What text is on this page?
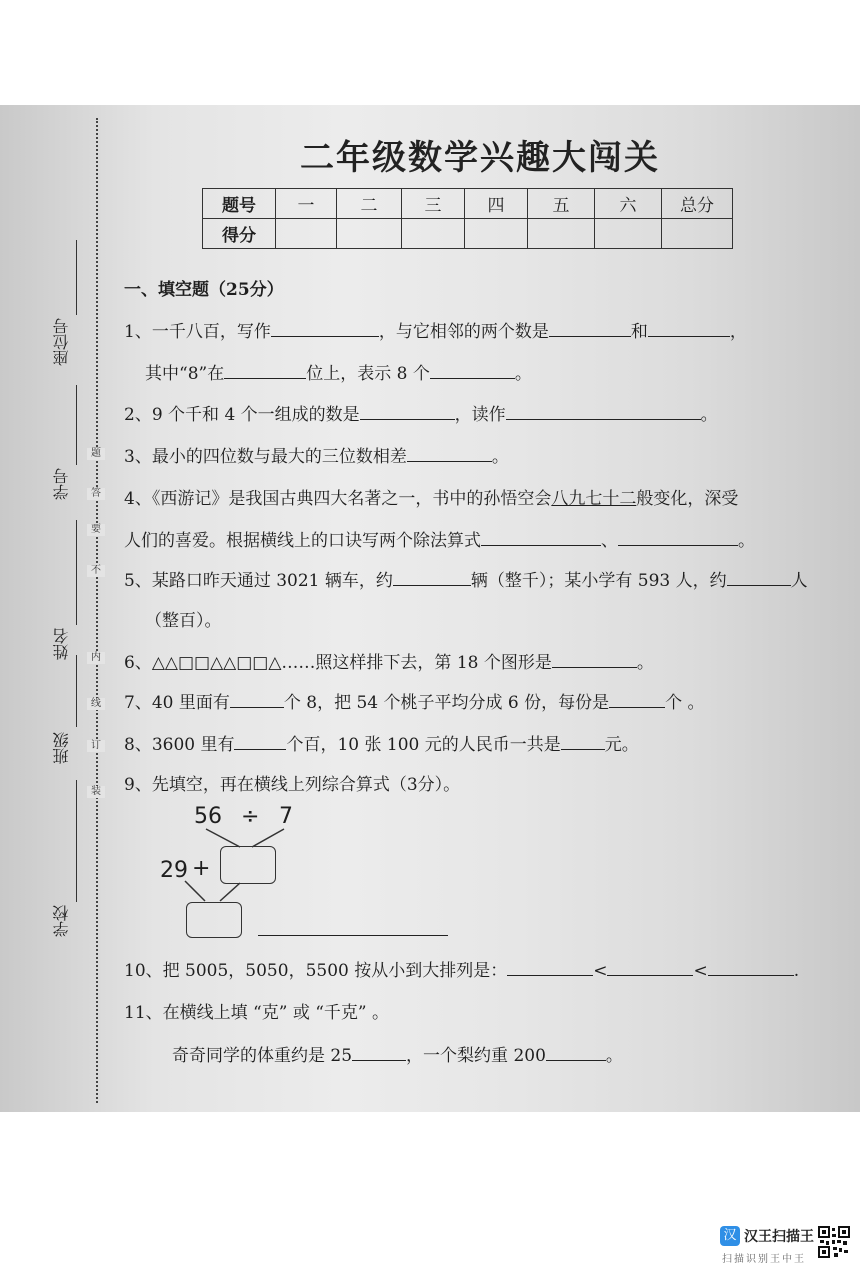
座位号
学号
姓名
班级
学校
题
答
要
不
内
线
订
装
二年级数学兴趣大闯关
题号	一	二	三	四	五	六	总分
得分							
一、填空题（25分）
1、一千八百，写作	，与它相邻的两个数是	和	，
其中“8”在	位上，表示 8 个	。
2、9 个千和 4 个一组成的数是	，读作	。
3、最小的四位数与最大的三位数相差	。
4、《西游记》是我国古典四大名著之一，书中的孙悟空会八九七十二般变化，深受
人们的喜爱。根据横线上的口诀写两个除法算式	、	。
5、某路口昨天通过 3021 辆车，约	辆（整千）；某小学有 593 人，约	人
（整百）。
6、△△□□△△□□△……照这样排下去，第 18 个图形是	。
7、40 里面有	个 8，把 54 个桃子平均分成 6 份，每份是	个 。
8、3600 里有	个百，10 张 100 元的人民币一共是	元。
9、先填空，再在横线上列综合算式（3分）。
56 ÷ 7
29 +
10、把 5005，5050，5500 按从小到大排列是：	<	<	.
11、在横线上填 “克” 或 “千克” 。
奇奇同学的体重约是 25	，一个梨约重 200	。
汉 汉王扫描王
扫描识别王中王
